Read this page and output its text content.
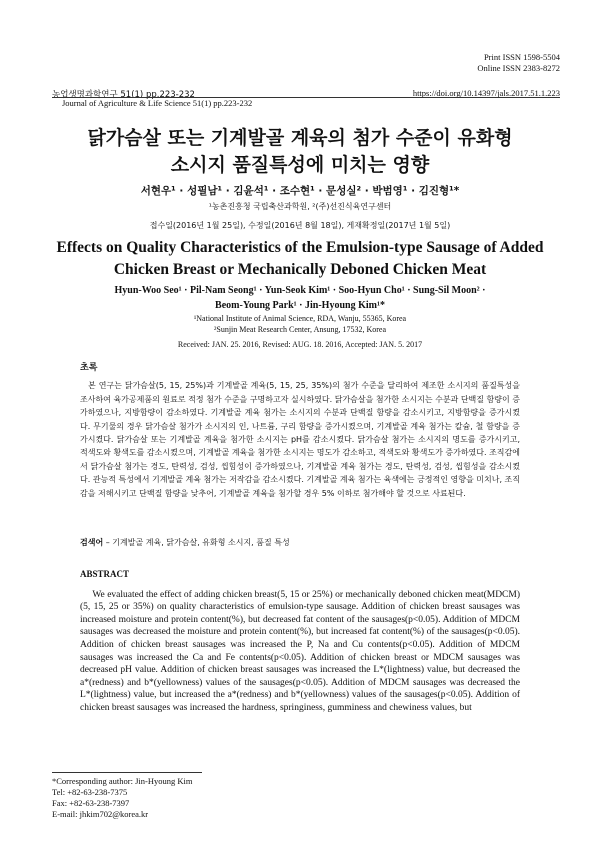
Print ISSN 1598-5504
Online ISSN 2383-8272
농업생명과학연구 51(1) pp.223-232	https://doi.org/10.14397/jals.2017.51.1.223
Journal of Agriculture & Life Science 51(1) pp.223-232
닭가슴살 또는 기계발골 계육의 첨가 수준이 유화형
소시지 품질특성에 미치는 영향
서현우¹ · 성필남¹ · 김윤석¹ · 조수현¹ · 문성실² · 박범영¹ · 김진형¹*
¹농촌진흥청 국립축산과학원, ²(주)선진식육연구센터
접수일(2016년 1월 25일), 수정일(2016년 8월 18일), 게재확정일(2017년 1월 5일)
Effects on Quality Characteristics of the Emulsion-type Sausage of Added
Chicken Breast or Mechanically Deboned Chicken Meat
Hyun-Woo Seo¹ · Pil-Nam Seong¹ · Yun-Seok Kim¹ · Soo-Hyun Cho¹ · Sung-Sil Moon² ·
Beom-Young Park¹ · Jin-Hyoung Kim¹*
¹National Institute of Animal Science, RDA, Wanju, 55365, Korea
²Sunjin Meat Research Center, Ansung, 17532, Korea
Received: JAN. 25. 2016, Revised: AUG. 18. 2016, Accepted: JAN. 5. 2017
초록

본 연구는 닭가슴살(5, 15, 25%)과 기계발골 계육(5, 15, 25, 35%)의 첨가 수준을 달리하여 제조한 소시지의 품질특성을 조사하여 육가공제품의 원료로 적정 첨가 수준을 구명하고자 실시하였다. 닭가슴살을 첨가한 소시지는 수분과 단백질 함량이 증가하였으나, 지방함량이 감소하였다. 기계발골 계육 첨가는 소시지의 수분과 단백질 함량을 감소시키고, 지방함량을 증가시켰다. 무기물의 경우 닭가슴살 첨가가 소시지의 인, 나트륨, 구리 함량을 증가시켰으며, 기계발골 계육 첨가는 칼슘, 철 함량을 증가시켰다. 닭가슴살 또는 기계발골 계육을 첨가한 소시지는 pH를 감소시켰다. 닭가슴살 첨가는 소시지의 명도를 증가시키고, 적색도와 황색도를 감소시켰으며, 기계발골 계육을 첨가한 소시지는 명도가 감소하고, 적색도와 황색도가 증가하였다. 조직감에서 닭가슴살 첨가는 경도, 탄력성, 검성, 씹힘성이 증가하였으나, 기계발골 계육 첨가는 경도, 탄력성, 검성, 씹힘성을 감소시켰다. 관능적 특성에서 기계발골 계육 첨가는 저작감을 감소시켰다. 기계발골 계육 첨가는 육색에는 긍정적인 영향을 미치나, 조직감을 저해시키고 단백질 함량을 낮추어, 기계발골 계육을 첨가할 경우 5% 이하로 첨가해야 할 것으로 사료된다.

검색어 – 기계발골 계육, 닭가슴살, 유화형 소시지, 품질 특성
ABSTRACT

We evaluated the effect of adding chicken breast(5, 15 or 25%) or mechanically deboned chicken meat(MDCM)(5, 15, 25 or 35%) on quality characteristics of emulsion-type sausage. Addition of chicken breast sausages was increased moisture and protein content(%), but decreased fat content of the sausages(p<0.05). Addition of MDCM sausages was decreased the moisture and protein content(%), but increased fat content(%) of the sausages(p<0.05). Addition of chicken breast sausages was increased the P, Na and Cu contents(p<0.05). Addition of MDCM sausages was increased the Ca and Fe contents(p<0.05). Addition of chicken breast or MDCM sausages was decreased pH value. Addition of chicken breast sausages was increased the L*(lightness) value, but decreased the a*(redness) and b*(yellowness) values of the sausages(p<0.05). Addition of MDCM sausages was decreased the L*(lightness) value, but increased the a*(redness) and b*(yellowness) values of the sausages(p<0.05). Addition of chicken breast sausages was increased the hardness, springiness, gumminess and chewiness values, but

*Corresponding author: Jin-Hyoung Kim
Tel: +82-63-238-7375
Fax: +82-63-238-7397
E-mail: jhkim702@korea.kr
